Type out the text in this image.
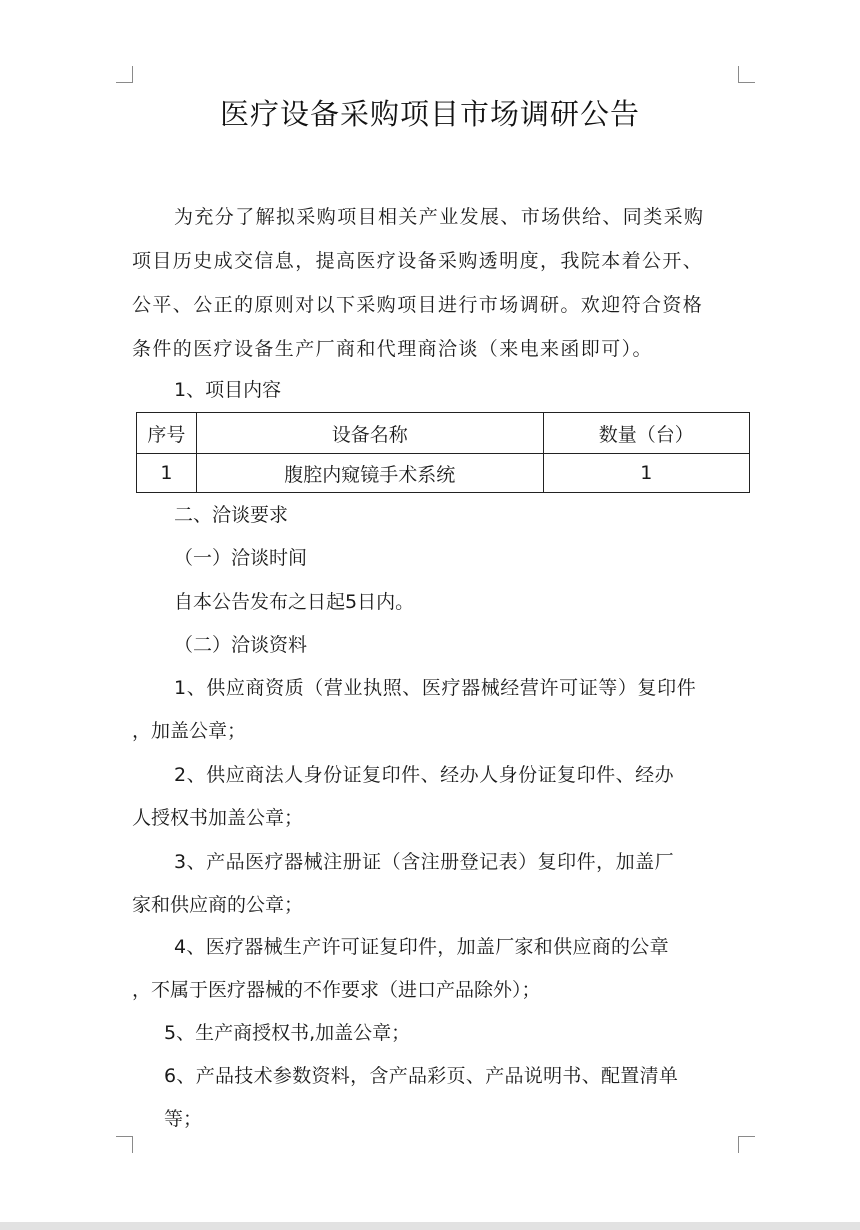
医疗设备采购项目市场调研公告
为充分了解拟采购项目相关产业发展、市场供给、同类采购
项目历史成交信息，提高医疗设备采购透明度，我院本着公开、
公平、公正的原则对以下采购项目进行市场调研。欢迎符合资格
条件的医疗设备生产厂商和代理商洽谈（来电来函即可）。
1、项目内容
序号	设备名称	数量（台）
1	腹腔内窥镜手术系统	1
二、洽谈要求
（一）洽谈时间
自本公告发布之日起5日内。
（二）洽谈资料
1、供应商资质（营业执照、医疗器械经营许可证等）复印件
，加盖公章；
2、供应商法人身份证复印件、经办人身份证复印件、经办
人授权书加盖公章；
3、产品医疗器械注册证（含注册登记表）复印件，加盖厂
家和供应商的公章；
4、医疗器械生产许可证复印件，加盖厂家和供应商的公章
，不属于医疗器械的不作要求（进口产品除外）；
5、生产商授权书,加盖公章；
6、产品技术参数资料，含产品彩页、产品说明书、配置清单
等；
